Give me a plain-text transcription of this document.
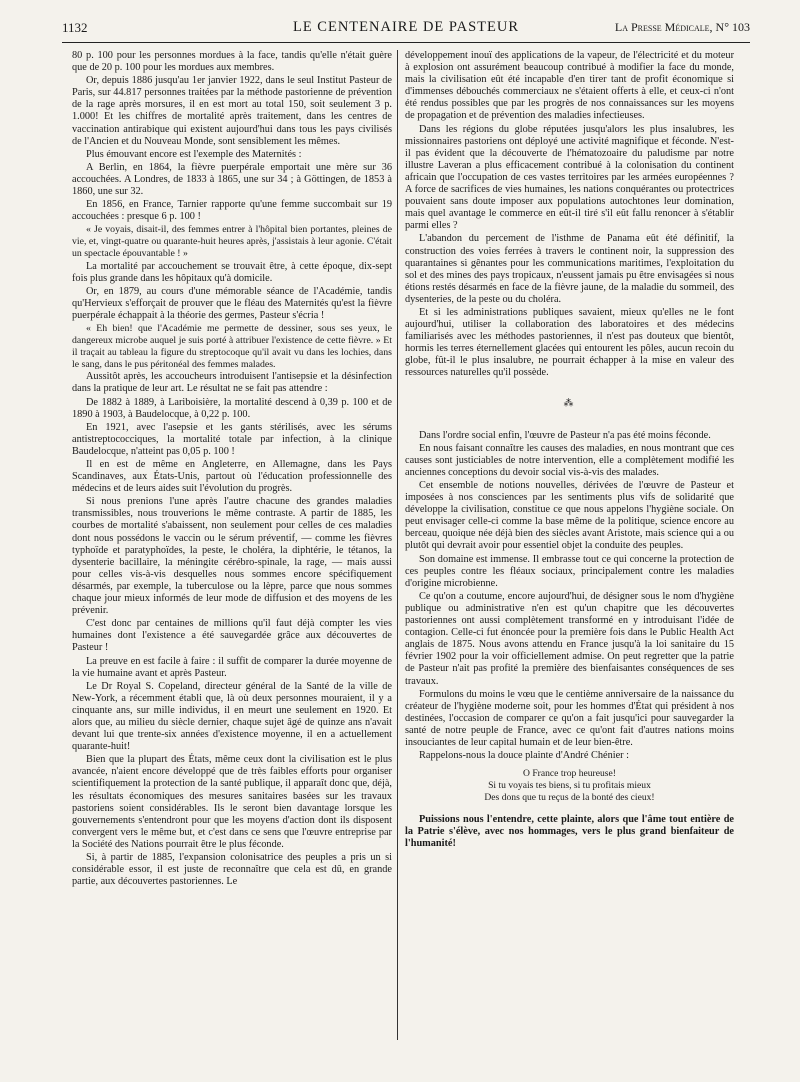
1132	LE CENTENAIRE DE PASTEUR	La Presse Médicale, N° 103

80 p. 100 pour les personnes mordues à la face, tandis qu'elle n'était guère que de 20 p. 100 pour les mordues aux membres.

Or, depuis 1886 jusqu'au 1er janvier 1922, dans le seul Institut Pasteur de Paris, sur 44.817 personnes traitées par la méthode pastorienne de prévention de la rage après morsures, il en est mort au total 150, soit seulement 3 p. 1.000! Et les chiffres de mortalité après traitement, dans les centres de vaccination antirabique qui existent aujourd'hui dans tous les pays civilisés de l'Ancien et du Nouveau Monde, sont sensiblement les mêmes.

Plus émouvant encore est l'exemple des Maternités :

A Berlin, en 1864, la fièvre puerpérale emportait une mère sur 36 accouchées. A Londres, de 1833 à 1865, une sur 34 ; à Göttingen, de 1853 à 1860, une sur 32.

En 1856, en France, Tarnier rapporte qu'une femme succombait sur 19 accouchées : presque 6 p. 100 !

« Je voyais, disait-il, des femmes entrer à l'hôpital bien portantes, pleines de vie, et, vingt-quatre ou quarante-huit heures après, j'assistais à leur agonie. C'était un spectacle épouvantable ! »

La mortalité par accouchement se trouvait être, à cette époque, dix-sept fois plus grande dans les hôpitaux qu'à domicile.

Or, en 1879, au cours d'une mémorable séance de l'Académie, tandis qu'Hervieux s'efforçait de prouver que le fléau des Maternités qu'est la fièvre puerpérale échappait à la théorie des germes, Pasteur s'écria !

« Eh bien! que l'Académie me permette de dessiner, sous ses yeux, le dangereux microbe auquel je suis porté à attribuer l'existence de cette fièvre. » Et il traçait au tableau la figure du streptocoque qu'il avait vu dans les lochies, dans le sang, dans le pus péritonéal des femmes malades.

Aussitôt après, les accoucheurs introduisent l'antisepsie et la désinfection dans la pratique de leur art. Le résultat ne se fait pas attendre :

De 1882 à 1889, à Lariboisière, la mortalité descend à 0,39 p. 100 et de 1890 à 1903, à Baudelocque, à 0,22 p. 100.

En 1921, avec l'asepsie et les gants stérilisés, avec les sérums antistreptococciques, la mortalité totale par infection, à la clinique Baudelocque, n'atteint pas 0,05 p. 100 !

Il en est de même en Angleterre, en Allemagne, dans les Pays Scandinaves, aux États-Unis, partout où l'éducation professionnelle des médecins et de leurs aides suit l'évolution du progrès.

Si nous prenions l'une après l'autre chacune des grandes maladies transmissibles, nous trouverions le même contraste. A partir de 1885, les courbes de mortalité s'abaissent, non seulement pour celles de ces maladies dont nous possédons le vaccin ou le sérum préventif, — comme les fièvres typhoïde et paratyphoïdes, la peste, le choléra, la diphtérie, le tétanos, la dysenterie bacillaire, la méningite cérébro-spinale, la rage, — mais aussi pour celles vis-à-vis desquelles nous sommes encore spécifiquement désarmés, par exemple, la tuberculose ou la lèpre, parce que nous sommes chaque jour mieux informés de leur mode de diffusion et des moyens de les prévenir.

C'est donc par centaines de millions qu'il faut déjà compter les vies humaines dont l'existence a été sauvegardée grâce aux découvertes de Pasteur !

La preuve en est facile à faire : il suffit de comparer la durée moyenne de la vie humaine avant et après Pasteur.

Le Dr Royal S. Copeland, directeur général de la Santé de la ville de New-York, a récemment établi que, là où deux personnes mouraient, il y a cinquante ans, sur mille individus, il en meurt une seulement en 1920. Et alors que, au milieu du siècle dernier, chaque sujet âgé de quinze ans n'avait devant lui que trente-six années d'existence moyenne, il en a actuellement quarante-huit!

Bien que la plupart des États, même ceux dont la civilisation est le plus avancée, n'aient encore développé que de très faibles efforts pour organiser scientifiquement la protection de la santé publique, il apparaît donc que, déjà, les résultats économiques des mesures sanitaires basées sur les travaux pastoriens soient considérables. Ils le seront bien davantage lorsque les gouvernements s'entendront pour que les moyens d'action dont ils disposent convergent vers le même but, et c'est dans ce sens que l'œuvre entreprise par la Société des Nations pourrait être le plus féconde.

Si, à partir de 1885, l'expansion colonisatrice des peuples a pris un si considérable essor, il est juste de reconnaître que cela est dû, en grande partie, aux découvertes pastoriennes. Le

développement inouï des applications de la vapeur, de l'électricité et du moteur à explosion ont assurément beaucoup contribué à modifier la face du monde, mais la civilisation eût été incapable d'en tirer tant de profit économique si d'immenses débouchés commerciaux ne s'étaient offerts à elle, et ceux-ci n'ont été rendus possibles que par les progrès de nos connaissances sur les moyens de propagation et de prévention des maladies infectieuses.

Dans les régions du globe réputées jusqu'alors les plus insalubres, les missionnaires pastoriens ont déployé une activité magnifique et féconde. N'est-il pas évident que la découverte de l'hématozoaire du paludisme par notre illustre Laveran a plus efficacement contribué à la colonisation du continent africain que l'occupation de ces vastes territoires par les armées européennes ? A force de sacrifices de vies humaines, les nations conquérantes ou protectrices pouvaient sans doute imposer aux populations autochtones leur domination, mais quel avantage le commerce en eût-il tiré s'il eût fallu renoncer à s'établir parmi elles ?

L'abandon du percement de l'isthme de Panama eût été définitif, la construction des voies ferrées à travers le continent noir, la suppression des quarantaines si gênantes pour les communications maritimes, l'exploitation du sol et des mines des pays tropicaux, n'eussent jamais pu être envisagées si nous étions restés désarmés en face de la fièvre jaune, de la maladie du sommeil, des dysenteries, de la peste ou du choléra.

Et si les administrations publiques savaient, mieux qu'elles ne le font aujourd'hui, utiliser la collaboration des laboratoires et des médecins familiarisés avec les méthodes pastoriennes, il n'est pas douteux que bientôt, hormis les terres éternellement glacées qui entourent les pôles, aucun recoin du globe, fût-il le plus insalubre, ne pourrait échapper à la mise en valeur des ressources naturelles qu'il possède.

⁂

Dans l'ordre social enfin, l'œuvre de Pasteur n'a pas été moins féconde.

En nous faisant connaître les causes des maladies, en nous montrant que ces causes sont justiciables de notre intervention, elle a complètement modifié les anciennes conceptions du devoir social vis-à-vis des malades.

Cet ensemble de notions nouvelles, dérivées de l'œuvre de Pasteur et imposées à nos consciences par les sentiments plus vifs de solidarité que développe la civilisation, constitue ce que nous appelons l'hygiène sociale. On peut envisager celle-ci comme la base même de la politique, science encore au berceau, quoique née déjà bien des siècles avant Aristote, mais science qui a ou plutôt qui devrait avoir pour essentiel objet la conduite des peuples.

Son domaine est immense. Il embrasse tout ce qui concerne la protection de ces peuples contre les fléaux sociaux, principalement contre les maladies d'origine microbienne.

Ce qu'on a coutume, encore aujourd'hui, de désigner sous le nom d'hygiène publique ou administrative n'en est qu'un chapitre que les découvertes pastoriennes ont aussi complètement transformé en y introduisant l'idée de contagion. Celle-ci fut énoncée pour la première fois dans le Public Health Act anglais de 1875. Nous avons attendu en France jusqu'à la loi sanitaire du 15 février 1902 pour la voir officiellement admise. On peut regretter que la patrie de Pasteur n'ait pas profité la première des bienfaisantes conséquences de ses travaux.

Formulons du moins le vœu que le centième anniversaire de la naissance du créateur de l'hygiène moderne soit, pour les hommes d'État qui président à nos destinées, l'occasion de comparer ce qu'on a fait jusqu'ici pour sauvegarder la santé de notre peuple de France, avec ce qu'ont fait d'autres nations moins insouciantes de leur capital humain et de leur bien-être.

Rappelons-nous la douce plainte d'André Chénier :

O France trop heureuse!
Si tu voyais tes biens, si tu profitais mieux
Des dons que tu reçus de la bonté des cieux!

Puissions nous l'entendre, cette plainte, alors que l'âme tout entière de la Patrie s'élève, avec nos hommages, vers le plus grand bienfaiteur de l'humanité!
